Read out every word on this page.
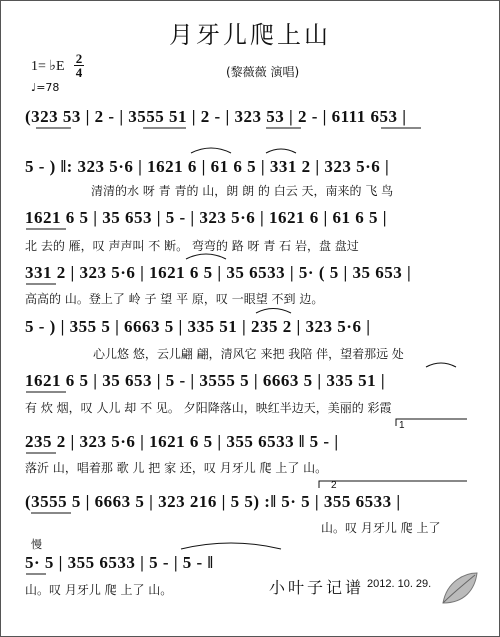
月牙儿爬上山
(黎薇薇 演唱)
1= ♭E
2
4
♩=78
(323 53 | 2 - | 3555 51 | 2 - | 323 53 | 2 - | 6111 653 |
5 - ) ‖: 323 5·6 | 1621 6 | 61 6 5 | 331 2 | 323 5·6 |
清清的水 呀 青 青的 山，朗 朗 的 白云 天，南来的 飞 鸟
1621 6 5 | 35 653 | 5 - | 323 5·6 | 1621 6 | 61 6 5 |
北 去的 雁，叹 声声叫 不 断。 弯弯的 路 呀 青 石 岩，盘 盘过
331 2 | 323 5·6 | 1621 6 5 | 35 6533 | 5· ( 5 | 35 653 |
高高的 山。登上了 岭 子 望 平 原，叹 一眼望 不到 边。
5 - ) | 355 5 | 6663 5 | 335 51 | 235 2 | 323 5·6 |
心儿悠 悠，云儿翩 翩，清风它 来把 我陪 伴，望着那远 处
1621 6 5 | 35 653 | 5 - | 3555 5 | 6663 5 | 335 51 |
有 炊 烟，叹 人儿 却 不 见。 夕阳降落山，映红半边天，美丽的 彩霞
1
235 2 | 323 5·6 | 1621 6 5 | 355 6533 ‖ 5 - |
落沂 山，唱着那 歌 儿 把 家 还，叹 月牙儿 爬 上了 山。
2
(3555 5 | 6663 5 | 323 216 | 5 5) :‖ 5· 5 | 355 6533 |
山。叹 月牙儿 爬 上了
慢
5· 5 | 355 6533 | 5 - | 5 - ‖
山。叹 月牙儿 爬 上了 山。	小叶子记谱 2012. 10. 29.
